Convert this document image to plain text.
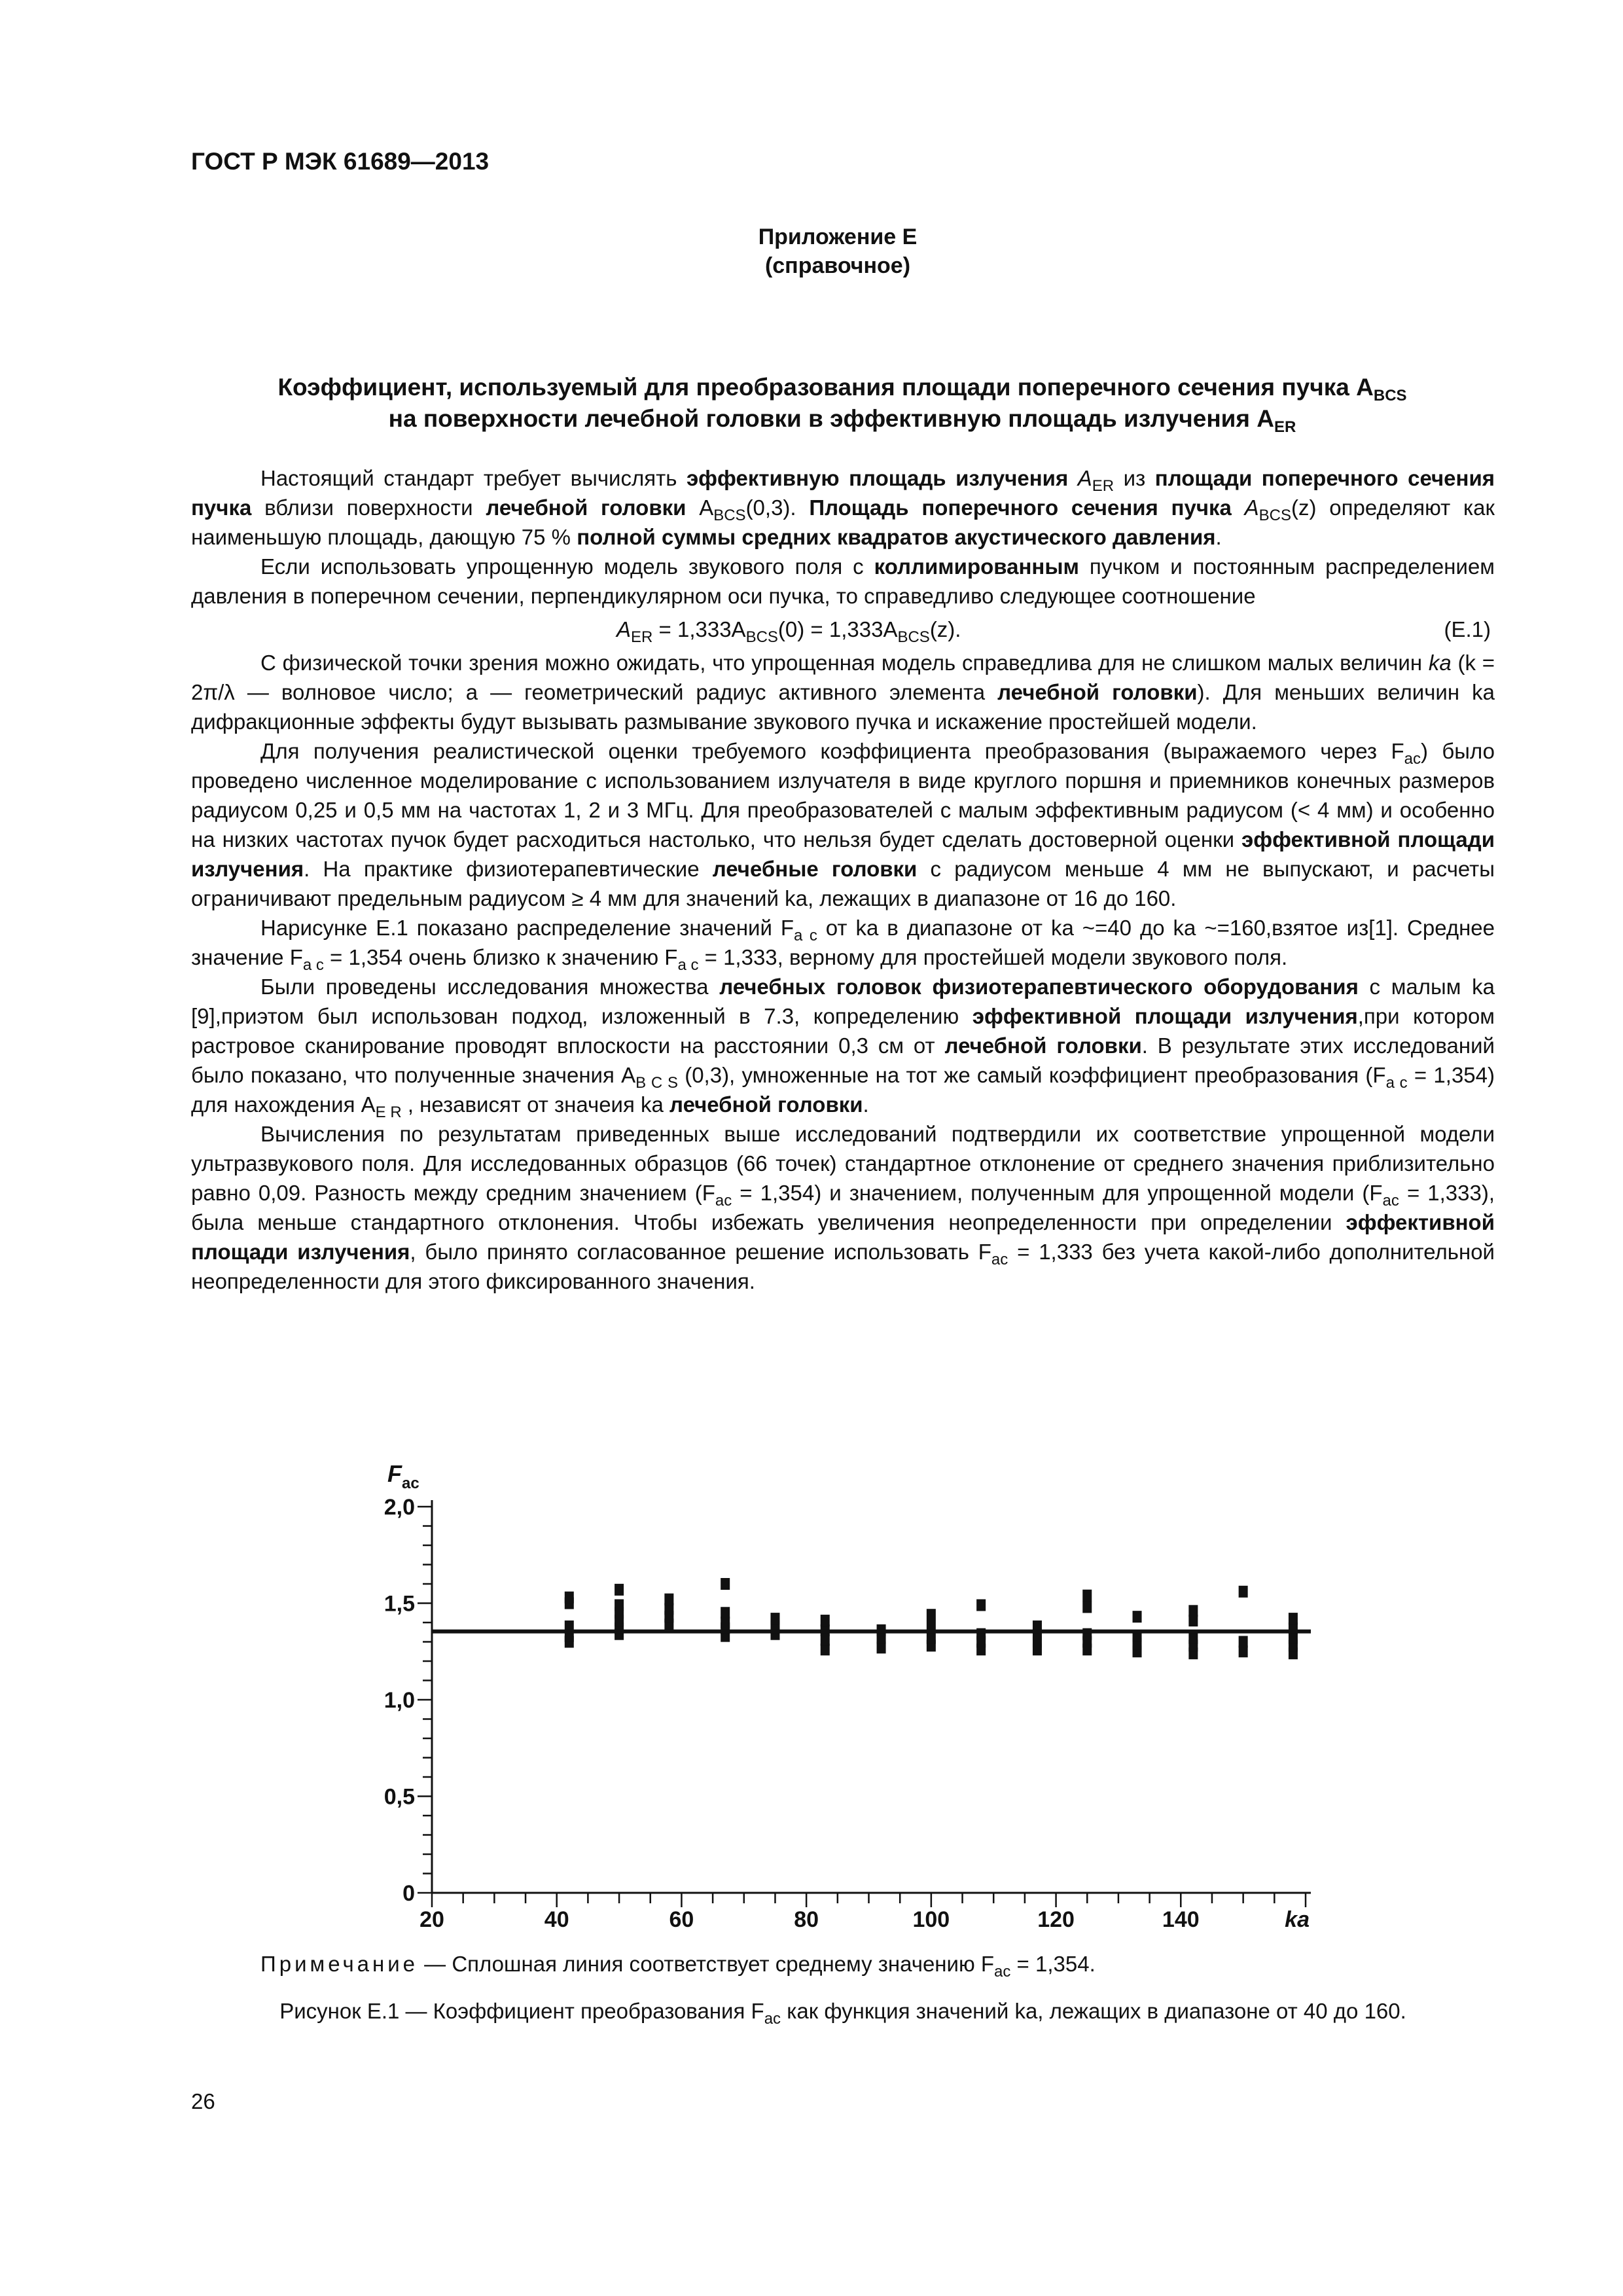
ГОСТ Р МЭК 61689—2013
Приложение Е
(справочное)
Коэффициент, используемый для преобразования площади поперечного сечения пучка $A_{BCS}$
на поверхности лечебной головки в эффективную площадь излучения $A_{ER}$

Настоящий стандарт требует вычислять эффективную площадь излучения $A_{ER}$ из площади поперечного сечения пучка вблизи поверхности лечебной головки $A_{BCS}(0,3)$. Площадь поперечного сечения пучка $A_{BCS}(z)$ определяют как наименьшую площадь, дающую 75 % полной суммы средних квадратов акустического давления.

Если использовать упрощенную модель звукового поля с коллимированным пучком и постоянным распределением давления в поперечном сечении, перпендикулярном оси пучка, то справедливо следующее соотношение

$A_{ER} = 1,333A_{BCS}(0) = 1,333A_{BCS}(z)$.	(E.1)

С физической точки зрения можно ожидать, что упрощенная модель справедлива для не слишком малых величин ka (k = 2π/λ — волновое число; a — геометрический радиус активного элемента лечебной головки). Для меньших величин ka дифракционные эффекты будут вызывать размывание звукового пучка и искажение простейшей модели.

Для получения реалистической оценки требуемого коэффициента преобразования (выражаемого через $F_{ac}$) было проведено численное моделирование с использованием излучателя в виде круглого поршня и приемников конечных размеров радиусом 0,25 и 0,5 мм на частотах 1, 2 и 3 МГц. Для преобразователей с малым эффективным радиусом (< 4 мм) и особенно на низких частотах пучок будет расходиться настолько, что нельзя будет сделать достоверной оценки эффективной площади излучения. На практике физиотерапевтические лечебные головки с радиусом меньше 4 мм не выпускают, и расчеты ограничивают предельным радиусом ≥ 4 мм для значений ka, лежащих в диапазоне от 16 до 160.

Нарисунке Е.1 показано распределение значений $F_{a c}$ от ka в диапазоне от ka ~=40 до ka ~=160,взятое из[1]. Среднее значение $F_{a c} = 1,354$ очень близко к значению $F_{a c} = 1,333$, верному для простейшей модели звукового поля.

Были проведены исследования множества лечебных головок физиотерапевтического оборудования с малым ka [9],приэтом был использован подход, изложенный в 7.3, копределению эффективной площади излучения,при котором растровое сканирование проводят вплоскости на расстоянии 0,3 см от лечебной головки. В результате этих исследований было показано, что полученные значения $A_{B C S}$ (0,3), умноженные на тот же самый коэффициент преобразования $(F_{a c} = 1,354)$ для нахождения $A_{E R}$ , независят от значеия ka лечебной головки.

Вычисления по результатам приведенных выше исследований подтвердили их соответствие упрощенной модели ультразвукового поля. Для исследованных образцов (66 точек) стандартное отклонение от среднего значения приблизительно равно 0,09. Разность между средним значением $(F_{ac} = 1,354)$ и значением, полученным для упрощенной модели $(F_{ac} = 1,333)$, была меньше стандартного отклонения. Чтобы избежать увеличения неопределенности при определении эффективной площади излучения, было принято согласованное решение использовать $F_{ac} = 1,333$ без учета какой-либо дополнительной неопределенности для этого фиксированного значения.

0
0,5
1,0
1,5
2,0
20	40	60	80	100	120	140
F ac
ka
Примечание — Сплошная линия соответствует среднему значению $F_{ac} = 1,354$.
Рисунок Е.1 — Коэффициент преобразования $F_{ac}$ как функция значений ka, лежащих в диапазоне от 40 до 160.
26
